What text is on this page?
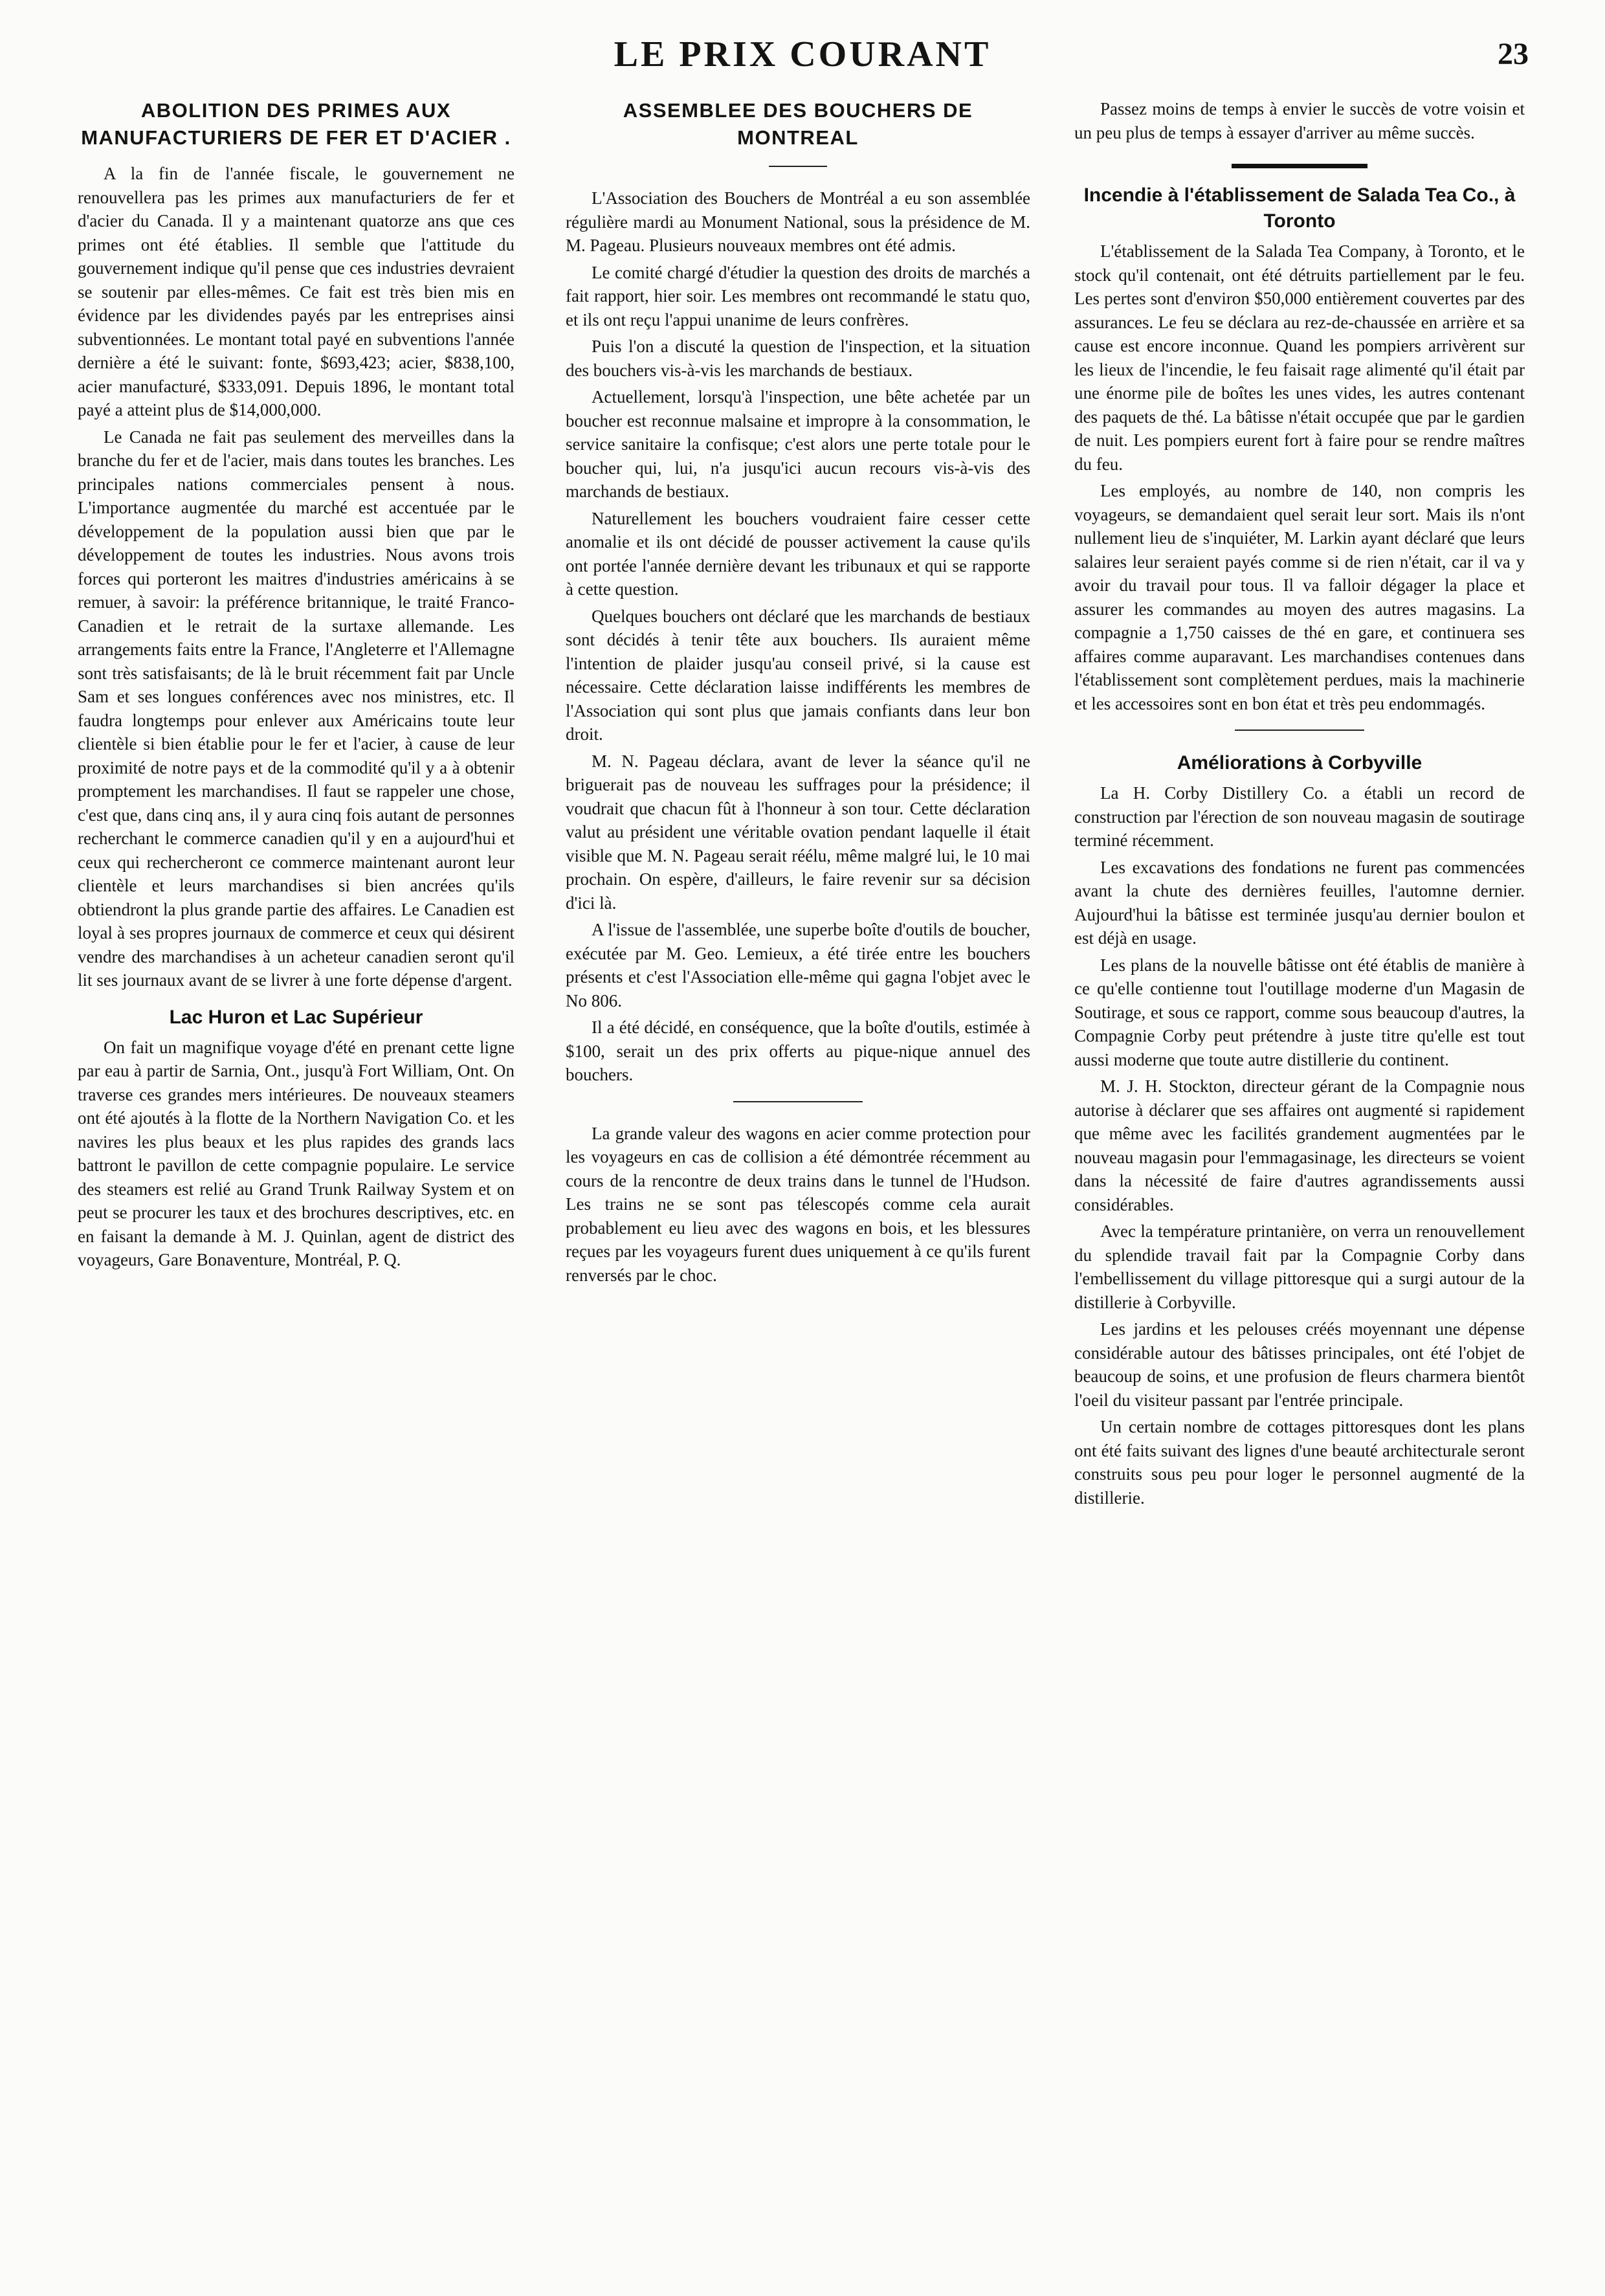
LE PRIX COURANT	23
ABOLITION DES PRIMES AUX MANUFACTURIERS DE FER ET D'ACIER .

A la fin de l'année fiscale, le gouvernement ne renouvellera pas les primes aux manufacturiers de fer et d'acier du Canada. Il y a maintenant quatorze ans que ces primes ont été établies. Il semble que l'attitude du gouvernement indique qu'il pense que ces industries devraient se soutenir par elles-mêmes. Ce fait est très bien mis en évidence par les dividendes payés par les entreprises ainsi subventionnées. Le montant total payé en subventions l'année dernière a été le suivant: fonte, $693,423; acier, $838,100, acier manufacturé, $333,091. Depuis 1896, le montant total payé a atteint plus de $14,000,000.

Le Canada ne fait pas seulement des merveilles dans la branche du fer et de l'acier, mais dans toutes les branches. Les principales nations commerciales pensent à nous. L'importance augmentée du marché est accentuée par le développement de la population aussi bien que par le développement de toutes les industries. Nous avons trois forces qui porteront les maitres d'industries américains à se remuer, à savoir: la préférence britannique, le traité Franco-Canadien et le retrait de la surtaxe allemande. Les arrangements faits entre la France, l'Angleterre et l'Allemagne sont très satisfaisants; de là le bruit récemment fait par Uncle Sam et ses longues conférences avec nos ministres, etc. Il faudra longtemps pour enlever aux Américains toute leur clientèle si bien établie pour le fer et l'acier, à cause de leur proximité de notre pays et de la commodité qu'il y a à obtenir promptement les marchandises. Il faut se rappeler une chose, c'est que, dans cinq ans, il y aura cinq fois autant de personnes recherchant le commerce canadien qu'il y en a aujourd'hui et ceux qui rechercheront ce commerce maintenant auront leur clientèle et leurs marchandises si bien ancrées qu'ils obtiendront la plus grande partie des affaires. Le Canadien est loyal à ses propres journaux de commerce et ceux qui désirent vendre des marchandises à un acheteur canadien seront qu'il lit ses journaux avant de se livrer à une forte dépense d'argent.

Lac Huron et Lac Supérieur

On fait un magnifique voyage d'été en prenant cette ligne par eau à partir de Sarnia, Ont., jusqu'à Fort William, Ont. On traverse ces grandes mers intérieures. De nouveaux steamers ont été ajoutés à la flotte de la Northern Navigation Co. et les navires les plus beaux et les plus rapides des grands lacs battront le pavillon de cette compagnie populaire. Le service des steamers est relié au Grand Trunk Railway System et on peut se procurer les taux et des brochures descriptives, etc. en en faisant la demande à M. J. Quinlan, agent de district des voyageurs, Gare Bonaventure, Montréal, P. Q.

ASSEMBLEE DES BOUCHERS DE MONTREAL

L'Association des Bouchers de Montréal a eu son assemblée régulière mardi au Monument National, sous la présidence de M. M. Pageau. Plusieurs nouveaux membres ont été admis.

Le comité chargé d'étudier la question des droits de marchés a fait rapport, hier soir. Les membres ont recommandé le statu quo, et ils ont reçu l'appui unanime de leurs confrères.

Puis l'on a discuté la question de l'inspection, et la situation des bouchers vis-à-vis les marchands de bestiaux.

Actuellement, lorsqu'à l'inspection, une bête achetée par un boucher est reconnue malsaine et impropre à la consommation, le service sanitaire la confisque; c'est alors une perte totale pour le boucher qui, lui, n'a jusqu'ici aucun recours vis-à-vis des marchands de bestiaux.

Naturellement les bouchers voudraient faire cesser cette anomalie et ils ont décidé de pousser activement la cause qu'ils ont portée l'année dernière devant les tribunaux et qui se rapporte à cette question.

Quelques bouchers ont déclaré que les marchands de bestiaux sont décidés à tenir tête aux bouchers. Ils auraient même l'intention de plaider jusqu'au conseil privé, si la cause est nécessaire. Cette déclaration laisse indifférents les membres de l'Association qui sont plus que jamais confiants dans leur bon droit.

M. N. Pageau déclara, avant de lever la séance qu'il ne briguerait pas de nouveau les suffrages pour la présidence; il voudrait que chacun fût à l'honneur à son tour. Cette déclaration valut au président une véritable ovation pendant laquelle il était visible que M. N. Pageau serait réélu, même malgré lui, le 10 mai prochain. On espère, d'ailleurs, le faire revenir sur sa décision d'ici là.

A l'issue de l'assemblée, une superbe boîte d'outils de boucher, exécutée par M. Geo. Lemieux, a été tirée entre les bouchers présents et c'est l'Association elle-même qui gagna l'objet avec le No 806.

Il a été décidé, en conséquence, que la boîte d'outils, estimée à $100, serait un des prix offerts au pique-nique annuel des bouchers.

La grande valeur des wagons en acier comme protection pour les voyageurs en cas de collision a été démontrée récemment au cours de la rencontre de deux trains dans le tunnel de l'Hudson. Les trains ne se sont pas télescopés comme cela aurait probablement eu lieu avec des wagons en bois, et les blessures reçues par les voyageurs furent dues uniquement à ce qu'ils furent renversés par le choc.

Passez moins de temps à envier le succès de votre voisin et un peu plus de temps à essayer d'arriver au même succès.

Incendie à l'établissement de Salada Tea Co., à Toronto

L'établissement de la Salada Tea Company, à Toronto, et le stock qu'il contenait, ont été détruits partiellement par le feu. Les pertes sont d'environ $50,000 entièrement couvertes par des assurances. Le feu se déclara au rez-de-chaussée en arrière et sa cause est encore inconnue. Quand les pompiers arrivèrent sur les lieux de l'incendie, le feu faisait rage alimenté qu'il était par une énorme pile de boîtes les unes vides, les autres contenant des paquets de thé. La bâtisse n'était occupée que par le gardien de nuit. Les pompiers eurent fort à faire pour se rendre maîtres du feu.

Les employés, au nombre de 140, non compris les voyageurs, se demandaient quel serait leur sort. Mais ils n'ont nullement lieu de s'inquiéter, M. Larkin ayant déclaré que leurs salaires leur seraient payés comme si de rien n'était, car il va y avoir du travail pour tous. Il va falloir dégager la place et assurer les commandes au moyen des autres magasins. La compagnie a 1,750 caisses de thé en gare, et continuera ses affaires comme auparavant. Les marchandises contenues dans l'établissement sont complètement perdues, mais la machinerie et les accessoires sont en bon état et très peu endommagés.

Améliorations à Corbyville

La H. Corby Distillery Co. a établi un record de construction par l'érection de son nouveau magasin de soutirage terminé récemment.

Les excavations des fondations ne furent pas commencées avant la chute des dernières feuilles, l'automne dernier. Aujourd'hui la bâtisse est terminée jusqu'au dernier boulon et est déjà en usage.

Les plans de la nouvelle bâtisse ont été établis de manière à ce qu'elle contienne tout l'outillage moderne d'un Magasin de Soutirage, et sous ce rapport, comme sous beaucoup d'autres, la Compagnie Corby peut prétendre à juste titre qu'elle est tout aussi moderne que toute autre distillerie du continent.

M. J. H. Stockton, directeur gérant de la Compagnie nous autorise à déclarer que ses affaires ont augmenté si rapidement que même avec les facilités grandement augmentées par le nouveau magasin pour l'emmagasinage, les directeurs se voient dans la nécessité de faire d'autres agrandissements aussi considérables.

Avec la température printanière, on verra un renouvellement du splendide travail fait par la Compagnie Corby dans l'embellissement du village pittoresque qui a surgi autour de la distillerie à Corbyville.

Les jardins et les pelouses créés moyennant une dépense considérable autour des bâtisses principales, ont été l'objet de beaucoup de soins, et une profusion de fleurs charmera bientôt l'oeil du visiteur passant par l'entrée principale.

Un certain nombre de cottages pittoresques dont les plans ont été faits suivant des lignes d'une beauté architecturale seront construits sous peu pour loger le personnel augmenté de la distillerie.
